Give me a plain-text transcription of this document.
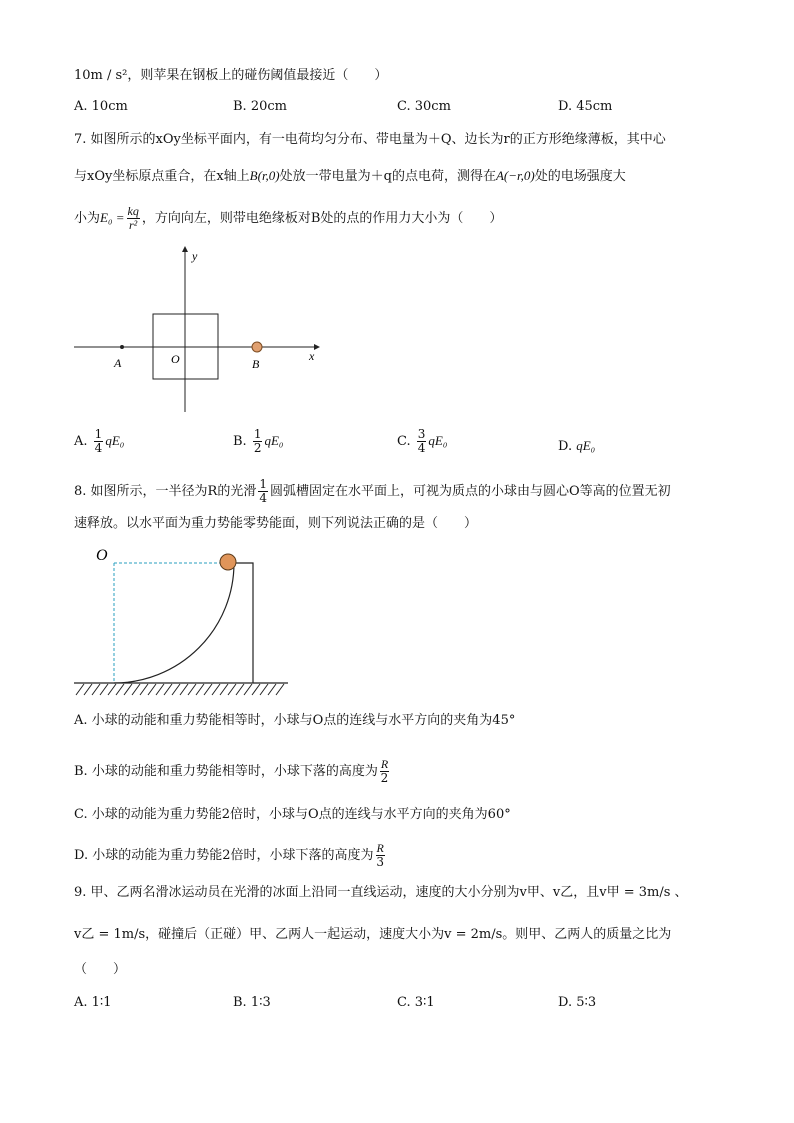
10m / s²，则苹果在钢板上的碰伤阈值最接近（　　）
A. 10cm	B. 20cm	C. 30cm	D. 45cm
7. 如图所示的xOy坐标平面内，有一电荷均匀分布、带电量为＋Q、边长为r的正方形绝缘薄板，其中心
与xOy坐标原点重合，在x轴上B(r,0)处放一带电量为＋q的点电荷，测得在A(−r,0)处的电场强度大
小为$E_0 = \frac{kq}{\text{r²}}$ ，方向向左，则带电绝缘板对B处的点的作用力大小为（　　）
y
x
A	O	B
A. $\frac{1}{4} qE_0$	B. $\frac{1}{2} qE_0$	C. $\frac{3}{4} qE_0$	D. qE₀
8. 如图所示，一半径为R的光滑 $\frac{1}{4}$ 圆弧槽固定在水平面上，可视为质点的小球由与圆心O等高的位置无初
速释放。以水平面为重力势能零势能面，则下列说法正确的是（　　）
O
A. 小球的动能和重力势能相等时，小球与O点的连线与水平方向的夹角为45°
B. 小球的动能和重力势能相等时，小球下落的高度为 $\frac{R}{2}$
C. 小球的动能为重力势能2倍时，小球与O点的连线与水平方向的夹角为60°
D. 小球的动能为重力势能2倍时，小球下落的高度为 $\frac{R}{3}$
9. 甲、乙两名滑冰运动员在光滑的冰面上沿同一直线运动，速度的大小分别为v甲、v乙，且v甲 = 3m/s 、
v乙 = 1m/s，碰撞后（正碰）甲、乙两人一起运动，速度大小为v = 2m/s。则甲、乙两人的质量之比为
（　　）
A. 1∶1	B. 1∶3	C. 3∶1	D. 5∶3
